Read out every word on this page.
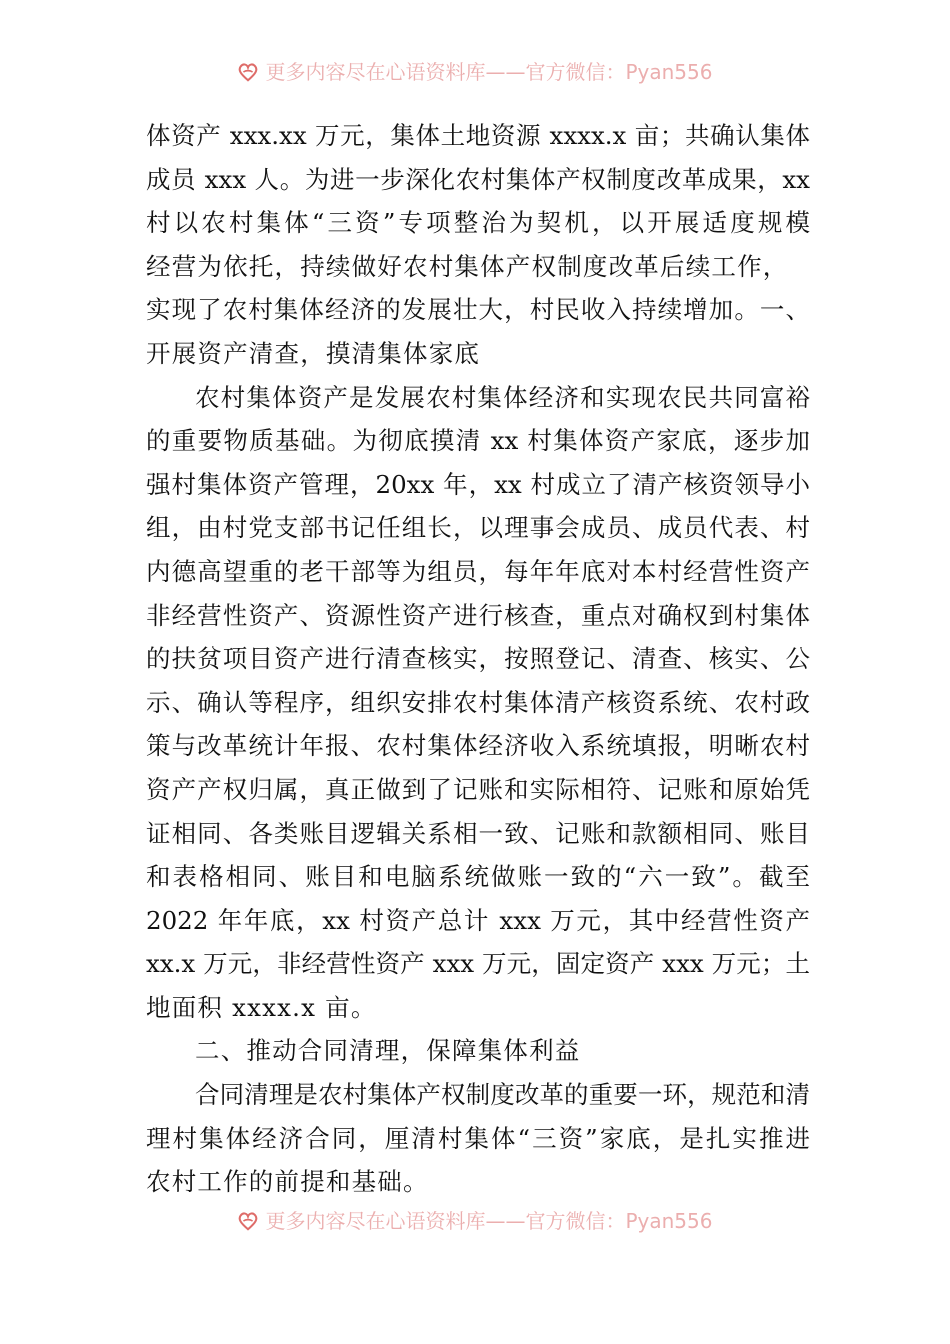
更多内容尽在心语资料库——官方微信：Pyan556
体资产 xxx.xx 万元，集体土地资源 xxxx.x 亩；共确认集体
成员 xxx 人。为进一步深化农村集体产权制度改革成果，xx
村以农村集体“三资”专项整治为契机，以开展适度规模
经营为依托，持续做好农村集体产权制度改革后续工作，
实现了农村集体经济的发展壮大，村民收入持续增加。一、
开展资产清查，摸清集体家底
农村集体资产是发展农村集体经济和实现农民共同富裕
的重要物质基础。为彻底摸清 xx 村集体资产家底，逐步加
强村集体资产管理，20xx 年，xx 村成立了清产核资领导小
组，由村党支部书记任组长，以理事会成员、成员代表、村
内德高望重的老干部等为组员，每年年底对本村经营性资产
非经营性资产、资源性资产进行核查，重点对确权到村集体
的扶贫项目资产进行清查核实，按照登记、清查、核实、公
示、确认等程序，组织安排农村集体清产核资系统、农村政
策与改革统计年报、农村集体经济收入系统填报，明晰农村
资产产权归属，真正做到了记账和实际相符、记账和原始凭
证相同、各类账目逻辑关系相一致、记账和款额相同、账目
和表格相同、账目和电脑系统做账一致的“六一致”。截至
2022 年年底，xx 村资产总计 xxx 万元，其中经营性资产
xx.x 万元，非经营性资产 xxx 万元，固定资产 xxx 万元；土
地面积 xxxx.x 亩。
二、推动合同清理，保障集体利益
合同清理是农村集体产权制度改革的重要一环，规范和清
理村集体经济合同，厘清村集体“三资”家底，是扎实推进
农村工作的前提和基础。
更多内容尽在心语资料库——官方微信：Pyan556
